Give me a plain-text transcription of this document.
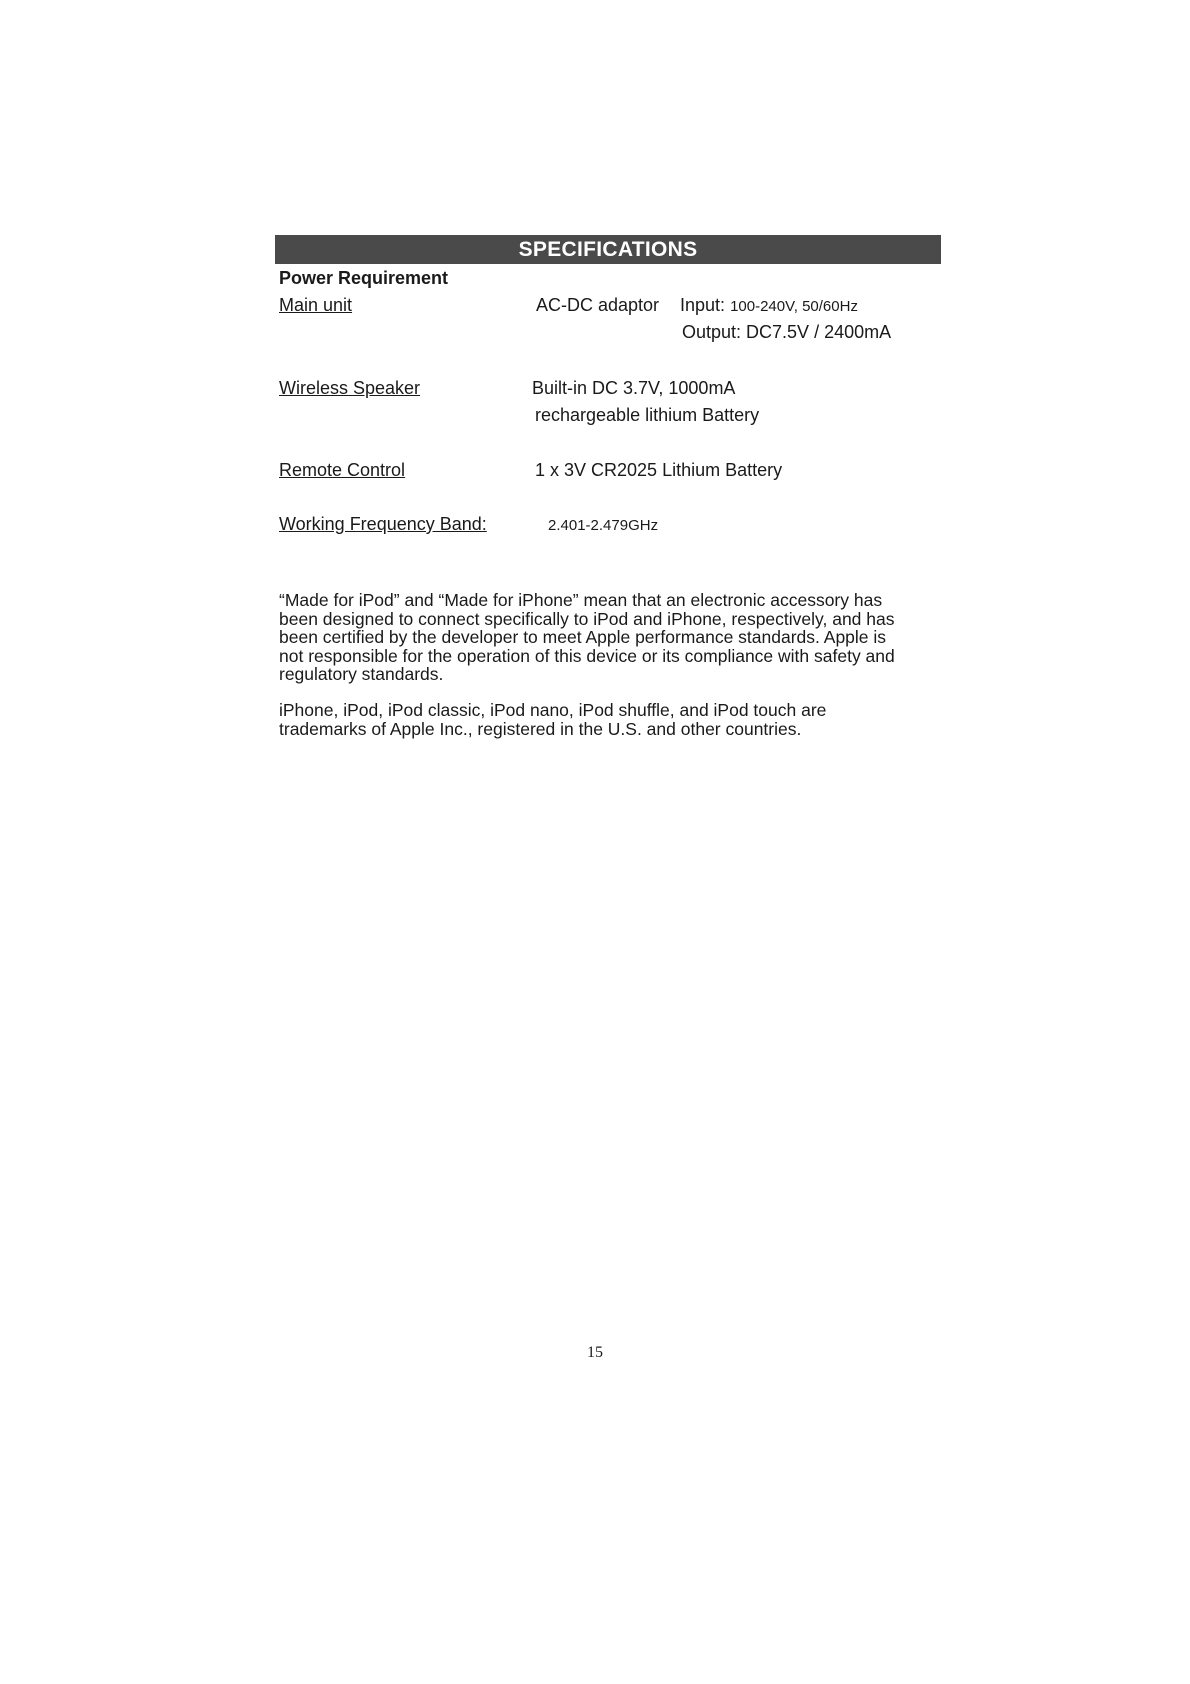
SPECIFICATIONS
Power Requirement
Main unit	AC-DC adaptor Input: 100-240V, 50/60Hz
Output: DC7.5V / 2400mA
Wireless Speaker	Built-in DC 3.7V, 1000mA
rechargeable lithium Battery
Remote Control	1 x 3V CR2025 Lithium Battery
Working Frequency Band:	2.401-2.479GHz
“Made for iPod” and “Made for iPhone” mean that an electronic accessory has
been designed to connect specifically to iPod and iPhone, respectively, and has
been certified by the developer to meet Apple performance standards. Apple is
not responsible for the operation of this device or its compliance with safety and
regulatory standards.
iPhone, iPod, iPod classic, iPod nano, iPod shuffle, and iPod touch are
trademarks of Apple Inc., registered in the U.S. and other countries.
15
